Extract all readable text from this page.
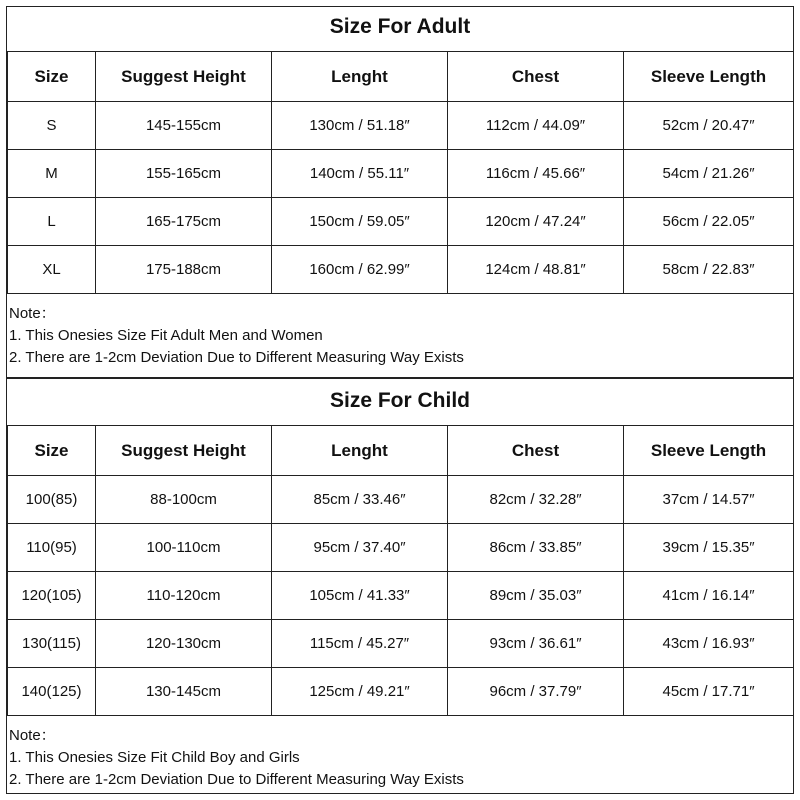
Size For Adult
Size	Suggest Height	Lenght	Chest	Sleeve Length
S	145-155cm	130cm / 51.18″	112cm / 44.09″	52cm / 20.47″
M	155-165cm	140cm / 55.11″	116cm / 45.66″	54cm / 21.26″
L	165-175cm	150cm / 59.05″	120cm / 47.24″	56cm / 22.05″
XL	175-188cm	160cm / 62.99″	124cm / 48.81″	58cm / 22.83″
Note：
1. This Onesies Size Fit Adult Men and Women
2. There are 1-2cm Deviation Due to Different Measuring Way Exists
Size For Child
Size	Suggest Height	Lenght	Chest	Sleeve Length
100(85)	88-100cm	85cm / 33.46″	82cm / 32.28″	37cm / 14.57″
110(95)	100-110cm	95cm / 37.40″	86cm / 33.85″	39cm / 15.35″
120(105)	110-120cm	105cm / 41.33″	89cm / 35.03″	41cm / 16.14″
130(115)	120-130cm	115cm / 45.27″	93cm / 36.61″	43cm / 16.93″
140(125)	130-145cm	125cm / 49.21″	96cm / 37.79″	45cm / 17.71″
Note：
1. This Onesies Size Fit Child Boy and Girls
2. There are 1-2cm Deviation Due to Different Measuring Way Exists
